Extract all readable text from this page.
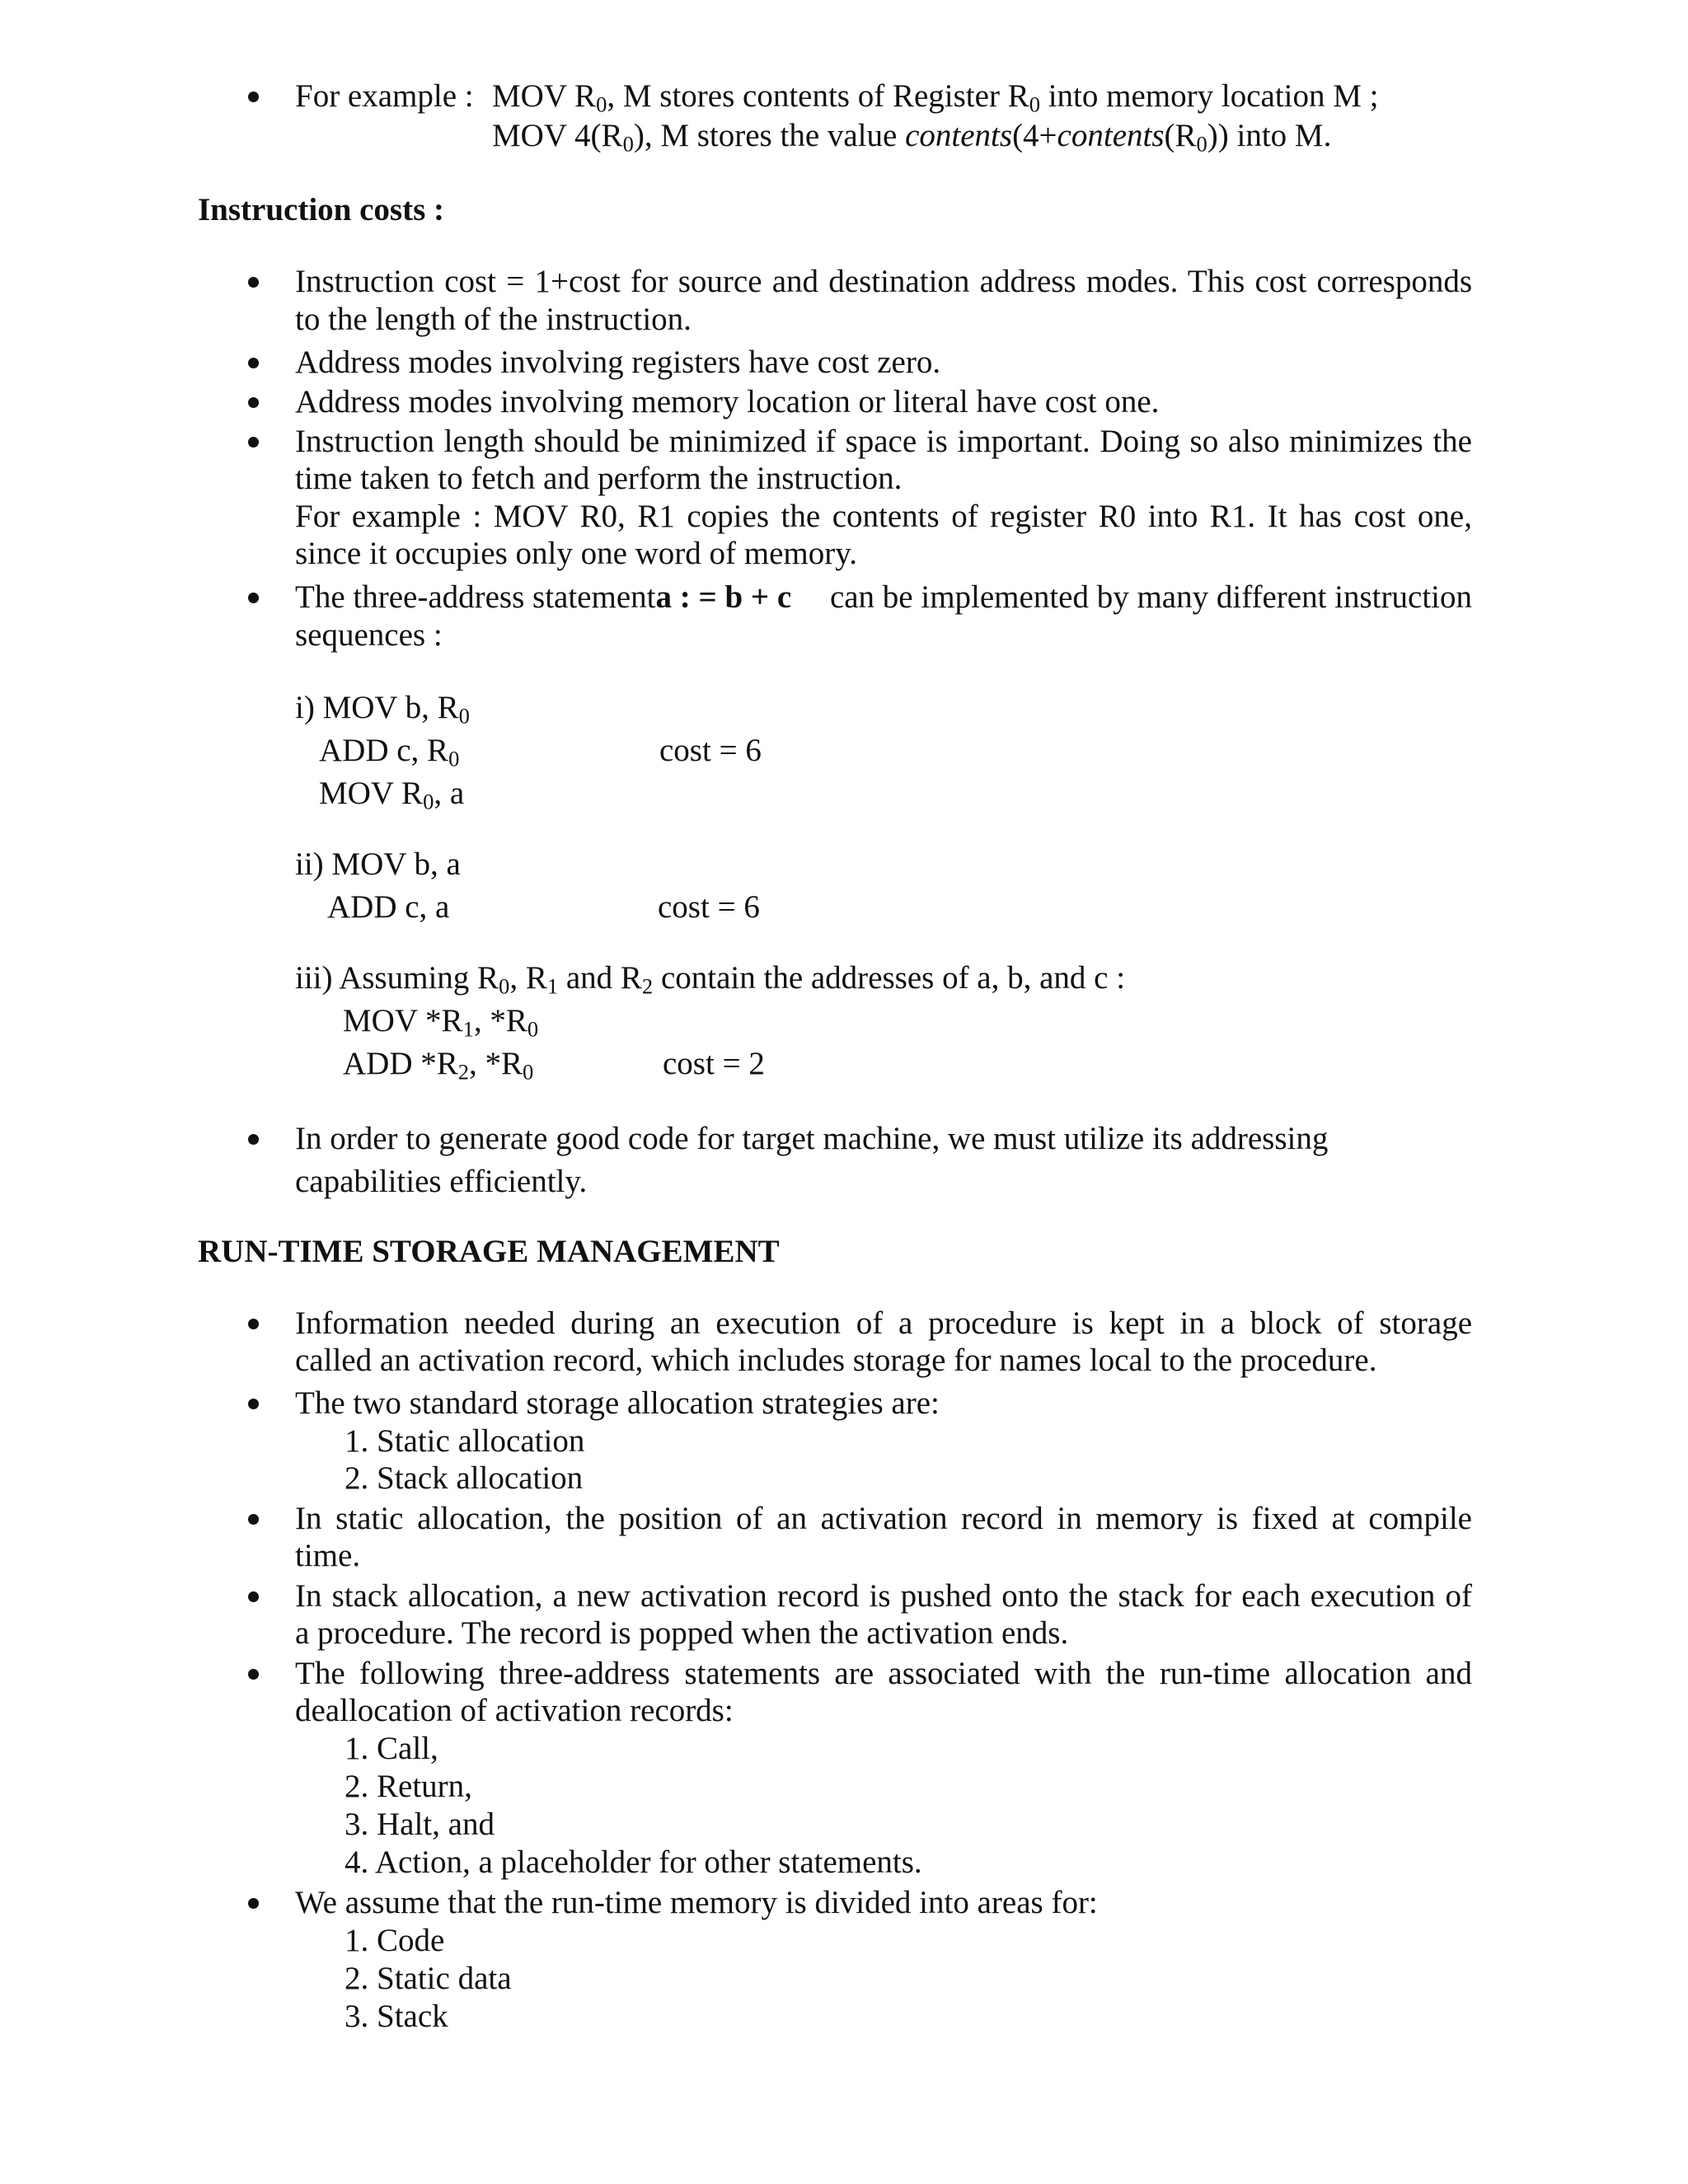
For example : MOV $R_0$, M stores contents of Register $R_0$ into memory location M ;
MOV $4(R_0)$, M stores the value $contents(4+contents(R_0))$ into M.
Instruction costs :
Instruction cost = 1+cost for source and destination address modes. This cost corresponds
to the length of the instruction.
Address modes involving registers have cost zero.
Address modes involving memory location or literal have cost one.
Instruction length should be minimized if space is important. Doing so also minimizes the
time taken to fetch and perform the instruction.
For example : MOV R0, R1 copies the contents of register R0 into R1. It has cost one,
since it occupies only one word of memory.
The three-address statement a : = b + c	can be implemented by many different instruction
sequences :
i) MOV b, $R_0$
ADD c, $R_0$	cost = 6
MOV $R_0$, a
ii) MOV b, a
ADD c, a	cost = 6
iii) Assuming $R_0$, $R_1$ and $R_2$ contain the addresses of a, b, and c :
MOV $*R_1$, $*R_0$
ADD $*R_2$, $*R_0$	cost = 2
In order to generate good code for target machine, we must utilize its addressing
capabilities efficiently.
RUN-TIME STORAGE MANAGEMENT
Information needed during an execution of a procedure is kept in a block of storage
called an activation record, which includes storage for names local to the procedure.
The two standard storage allocation strategies are:
1. Static allocation
2. Stack allocation
In static allocation, the position of an activation record in memory is fixed at compile
time.
In stack allocation, a new activation record is pushed onto the stack for each execution of
a procedure. The record is popped when the activation ends.
The following three-address statements are associated with the run-time allocation and
deallocation of activation records:
1. Call,
2. Return,
3. Halt, and
4. Action, a placeholder for other statements.
We assume that the run-time memory is divided into areas for:
1. Code
2. Static data
3. Stack
